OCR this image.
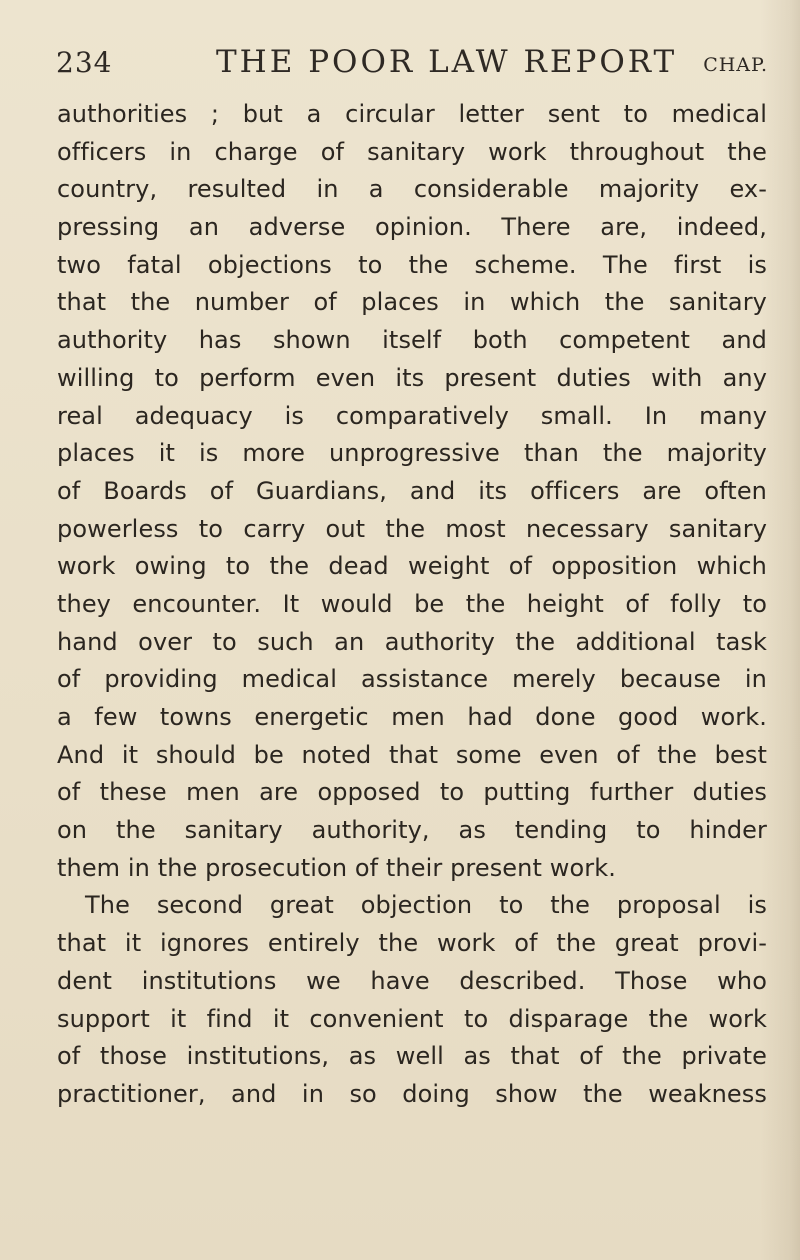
234	THE POOR LAW REPORT CHAP.
authorities ; but a circular letter sent to medical
officers in charge of sanitary work throughout the
country, resulted in a considerable majority ex-
pressing an adverse opinion. There are, indeed,
two fatal objections to the scheme. The first is
that the number of places in which the sanitary
authority has shown itself both competent and
willing to perform even its present duties with any
real adequacy is comparatively small. In many
places it is more unprogressive than the majority
of Boards of Guardians, and its officers are often
powerless to carry out the most necessary sanitary
work owing to the dead weight of opposition which
they encounter. It would be the height of folly to
hand over to such an authority the additional task
of providing medical assistance merely because in
a few towns energetic men had done good work.
And it should be noted that some even of the best
of these men are opposed to putting further duties
on the sanitary authority, as tending to hinder
them in the prosecution of their present work.
The second great objection to the proposal is
that it ignores entirely the work of the great provi-
dent institutions we have described. Those who
support it find it convenient to disparage the work
of those institutions, as well as that of the private
practitioner, and in so doing show the weakness
